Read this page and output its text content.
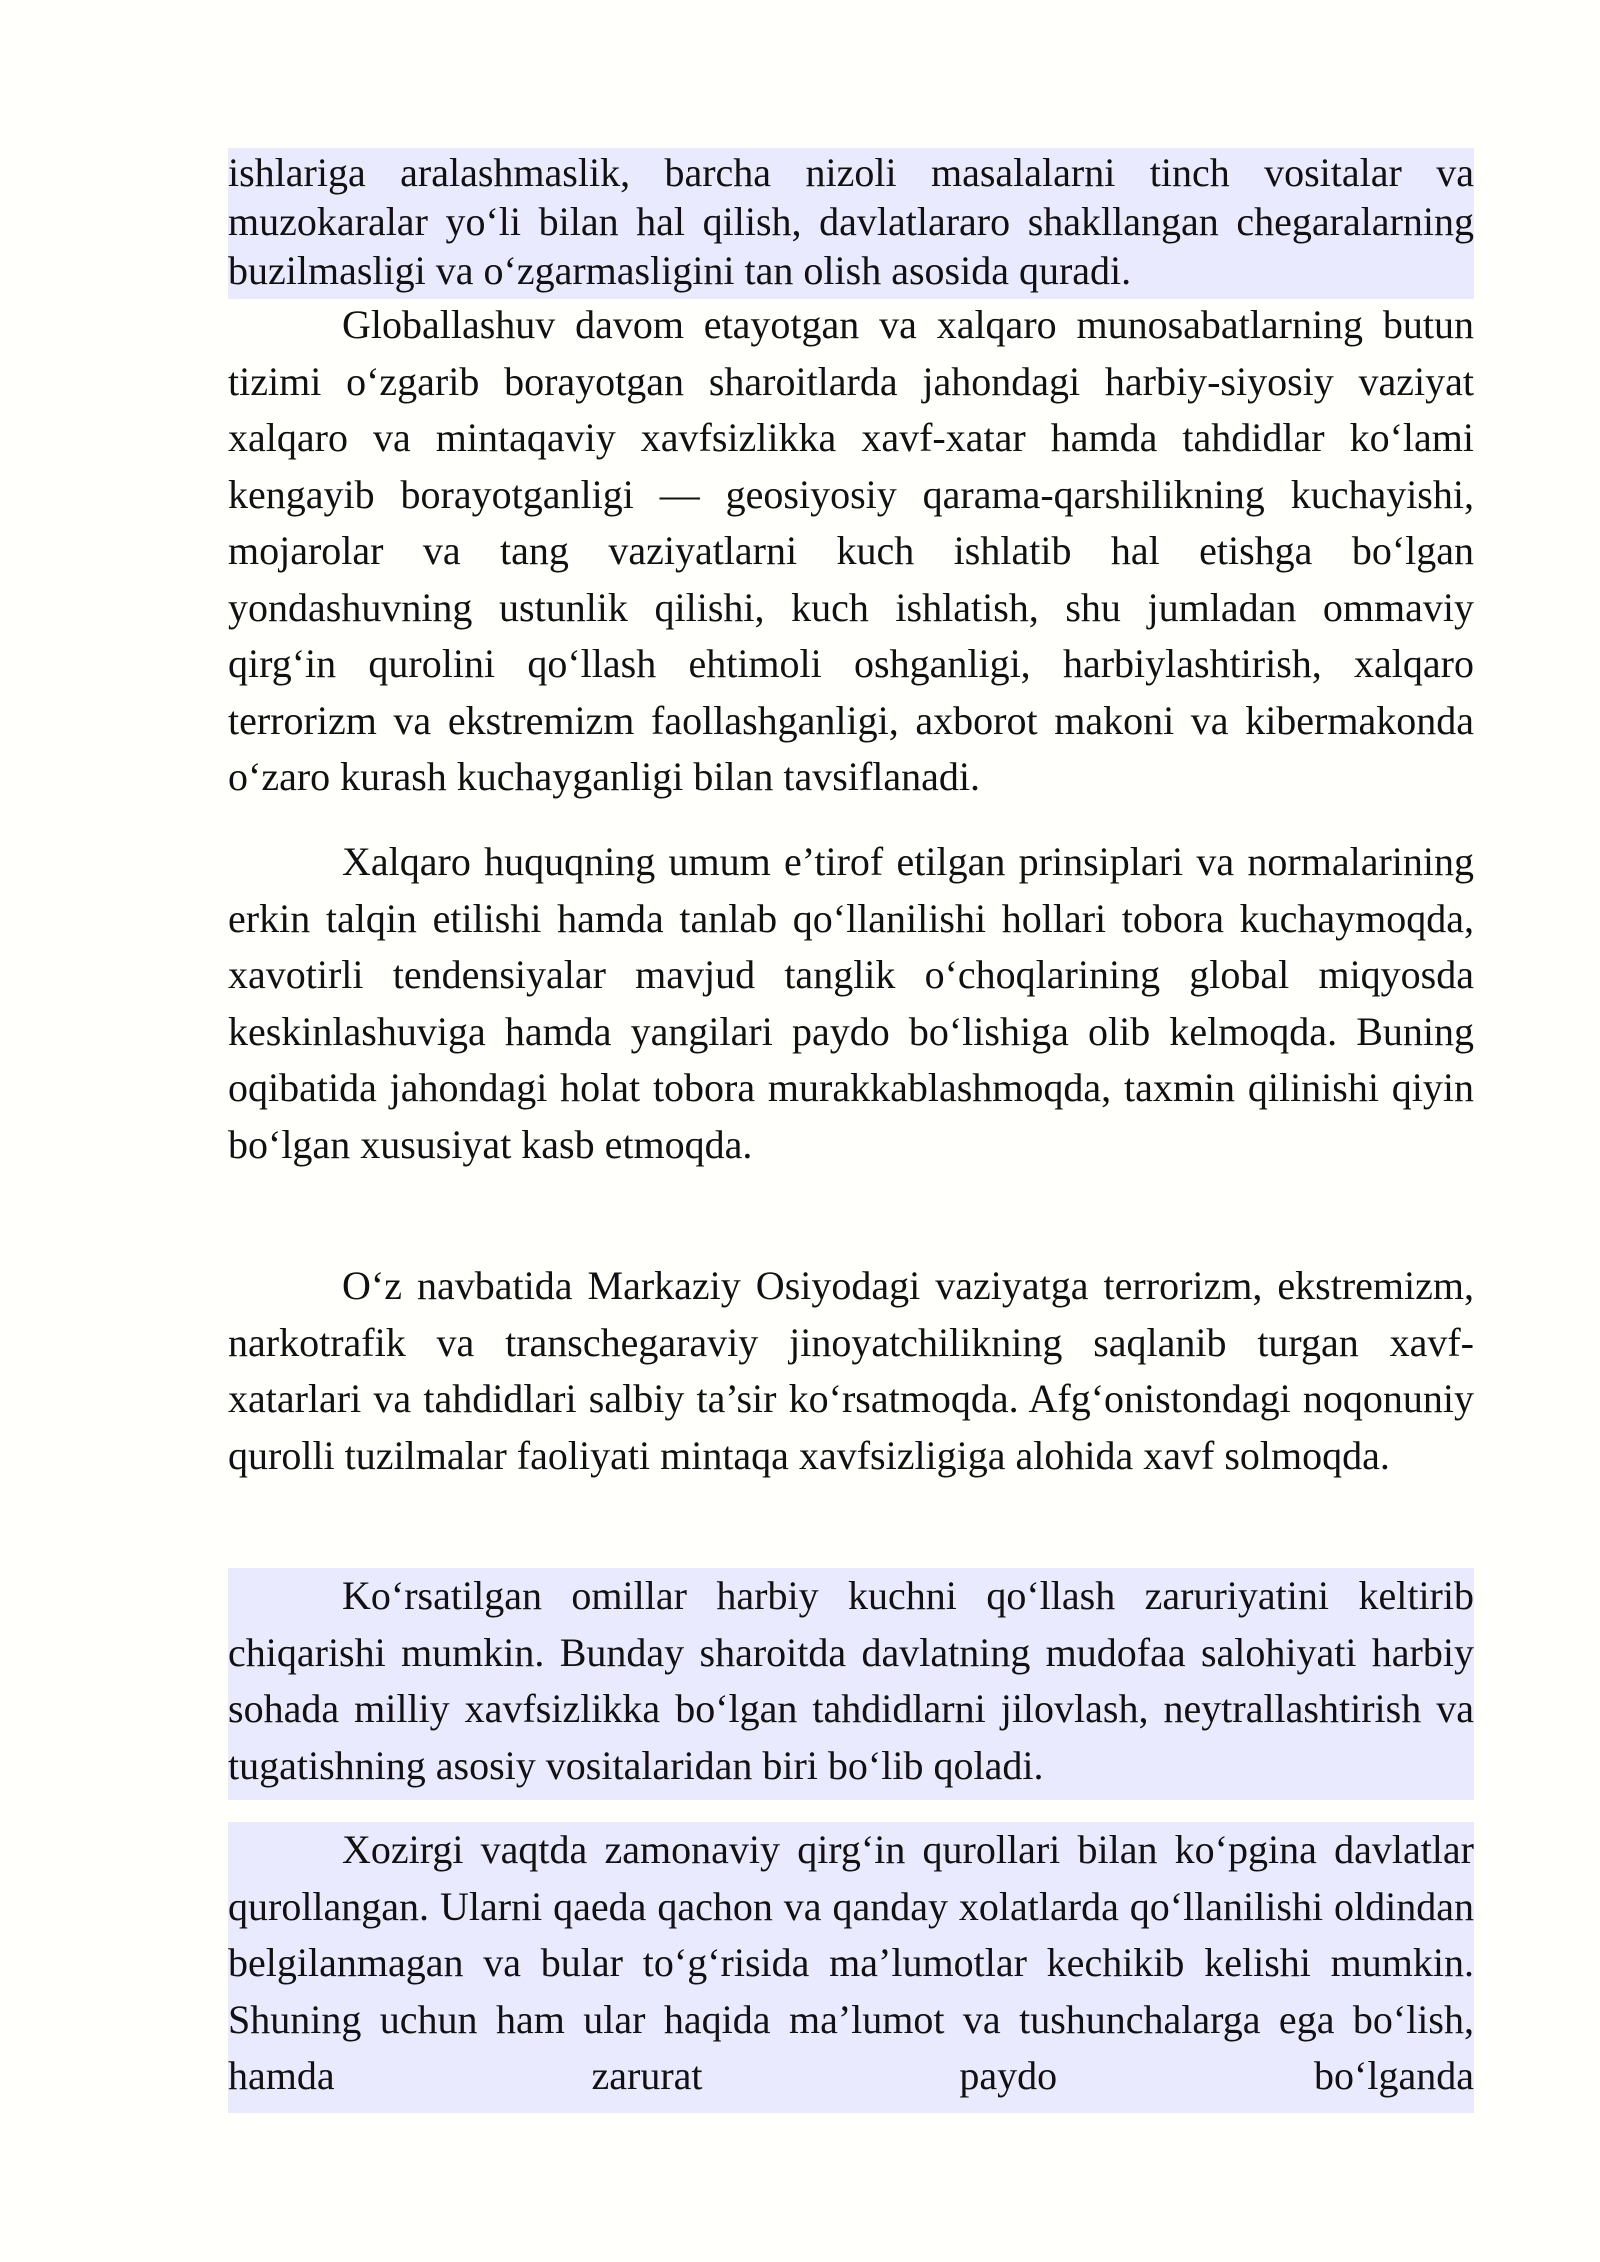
ishlariga aralashmaslik, barcha nizoli masalalarni tinch vositalar va muzokaralar yo‘li bilan hal qilish, davlatlararo shakllangan chegaralarning buzilmasligi va o‘zgarmasligini tan olish asosida quradi.

Globallashuv davom etayotgan va xalqaro munosabatlarning butun tizimi o‘zgarib borayotgan sharoitlarda jahondagi harbiy-siyosiy vaziyat xalqaro va mintaqaviy xavfsizlikka xavf-xatar hamda tahdidlar ko‘lami kengayib borayotganligi — geosiyosiy qarama-qarshilikning kuchayishi, mojarolar va tang vaziyatlarni kuch ishlatib hal etishga bo‘lgan yondashuvning ustunlik qilishi, kuch ishlatish, shu jumladan ommaviy qirg‘in qurolini qo‘llash ehtimoli oshganligi, harbiylashtirish, xalqaro terrorizm va ekstremizm faollashganligi, axborot makoni va kibermakonda o‘zaro kurash kuchayganligi bilan tavsiflanadi.

Xalqaro huquqning umum e’tirof etilgan prinsiplari va normalarining erkin talqin etilishi hamda tanlab qo‘llanilishi hollari tobora kuchaymoqda, xavotirli tendensiyalar mavjud tanglik o‘choqlarining global miqyosda keskinlashuviga hamda yangilari paydo bo‘lishiga olib kelmoqda. Buning oqibatida jahondagi holat tobora murakkablashmoqda, taxmin qilinishi qiyin bo‘lgan xususiyat kasb etmoqda.

O‘z navbatida Markaziy Osiyodagi vaziyatga terrorizm, ekstremizm, narkotrafik va transchegaraviy jinoyatchilikning saqlanib turgan xavf-xatarlari va tahdidlari salbiy ta’sir ko‘rsatmoqda. Afg‘onistondagi noqonuniy qurolli tuzilmalar faoliyati mintaqa xavfsizligiga alohida xavf solmoqda.

Ko‘rsatilgan omillar harbiy kuchni qo‘llash zaruriyatini keltirib chiqarishi mumkin. Bunday sharoitda davlatning mudofaa salohiyati harbiy sohada milliy xavfsizlikka bo‘lgan tahdidlarni jilovlash, neytrallashtirish va tugatishning asosiy vositalaridan biri bo‘lib qoladi.

Xozirgi vaqtda zamonaviy qirg‘in qurollari bilan ko‘pgina davlatlar qurollangan. Ularni qaeda qachon va qanday xolatlarda qo‘llanilishi oldindan belgilanmagan va bular to‘g‘risida ma’lumotlar kechikib kelishi mumkin. Shuning uchun ham ular haqida ma’lumot va tushunchalarga ega bo‘lish, hamda zarurat paydo bo‘lganda
